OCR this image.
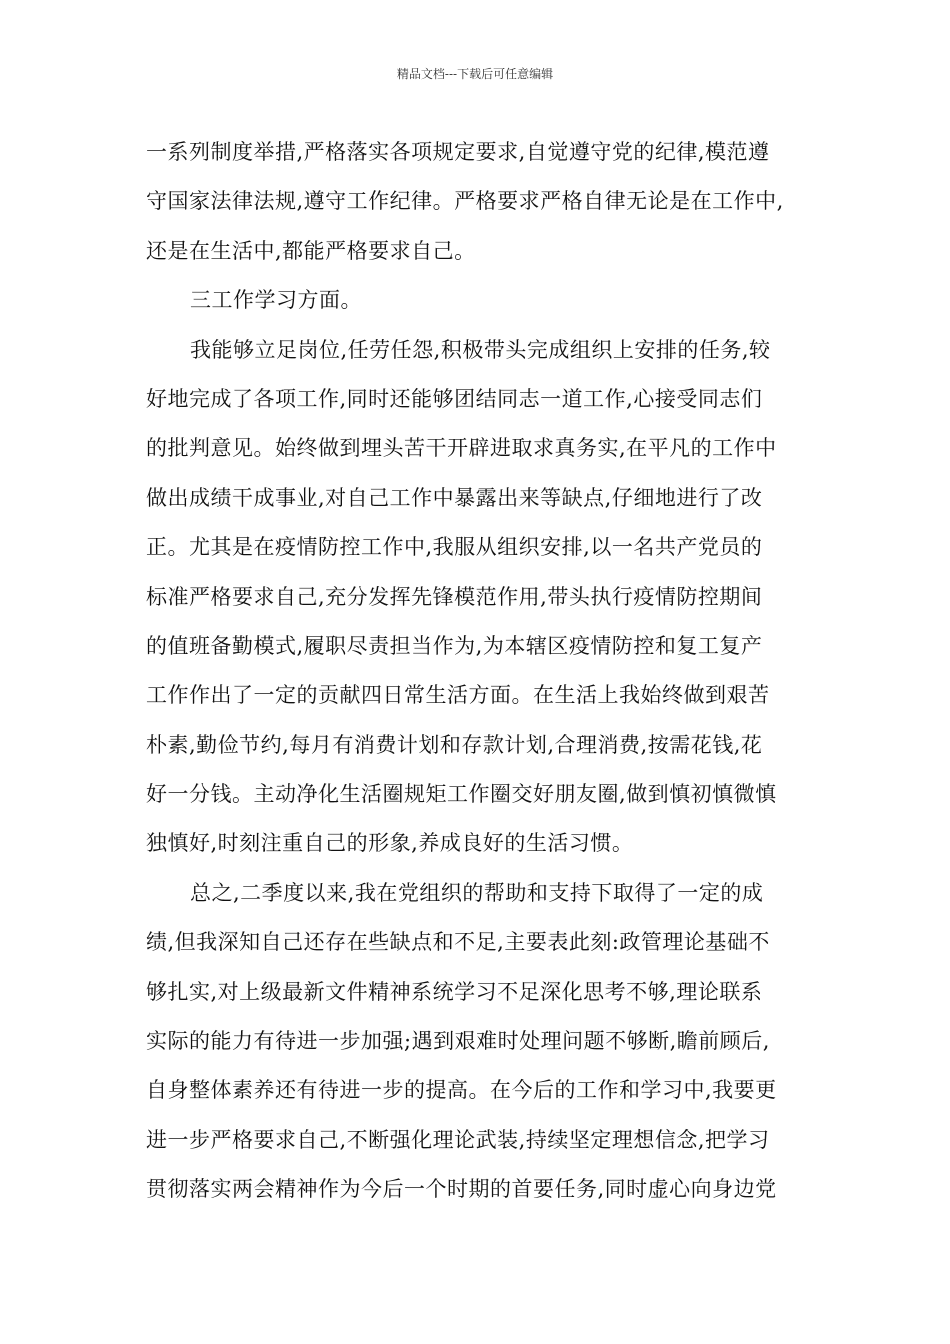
精品文档---下载后可任意编辑
一系列制度举措,严格落实各项规定要求,自觉遵守党的纪律,模范遵
守国家法律法规,遵守工作纪律。严格要求严格自律无论是在工作中,
还是在生活中,都能严格要求自己。
三工作学习方面。
我能够立足岗位,任劳任怨,积极带头完成组织上安排的任务,较
好地完成了各项工作,同时还能够团结同志一道工作,心接受同志们
的批判意见。始终做到埋头苦干开辟进取求真务实,在平凡的工作中
做出成绩干成事业,对自己工作中暴露出来等缺点,仔细地进行了改
正。尤其是在疫情防控工作中,我服从组织安排,以一名共产党员的
标准严格要求自己,充分发挥先锋模范作用,带头执行疫情防控期间
的值班备勤模式,履职尽责担当作为,为本辖区疫情防控和复工复产
工作作出了一定的贡献四日常生活方面。在生活上我始终做到艰苦
朴素,勤俭节约,每月有消费计划和存款计划,合理消费,按需花钱,花
好一分钱。主动净化生活圈规矩工作圈交好朋友圈,做到慎初慎微慎
独慎好,时刻注重自己的形象,养成良好的生活习惯。
总之,二季度以来,我在党组织的帮助和支持下取得了一定的成
绩,但我深知自己还存在些缺点和不足,主要表此刻:政管理论基础不
够扎实,对上级最新文件精神系统学习不足深化思考不够,理论联系
实际的能力有待进一步加强;遇到艰难时处理问题不够断,瞻前顾后,
自身整体素养还有待进一步的提高。在今后的工作和学习中,我要更
进一步严格要求自己,不断强化理论武装,持续坚定理想信念,把学习
贯彻落实两会精神作为今后一个时期的首要任务,同时虚心向身边党
